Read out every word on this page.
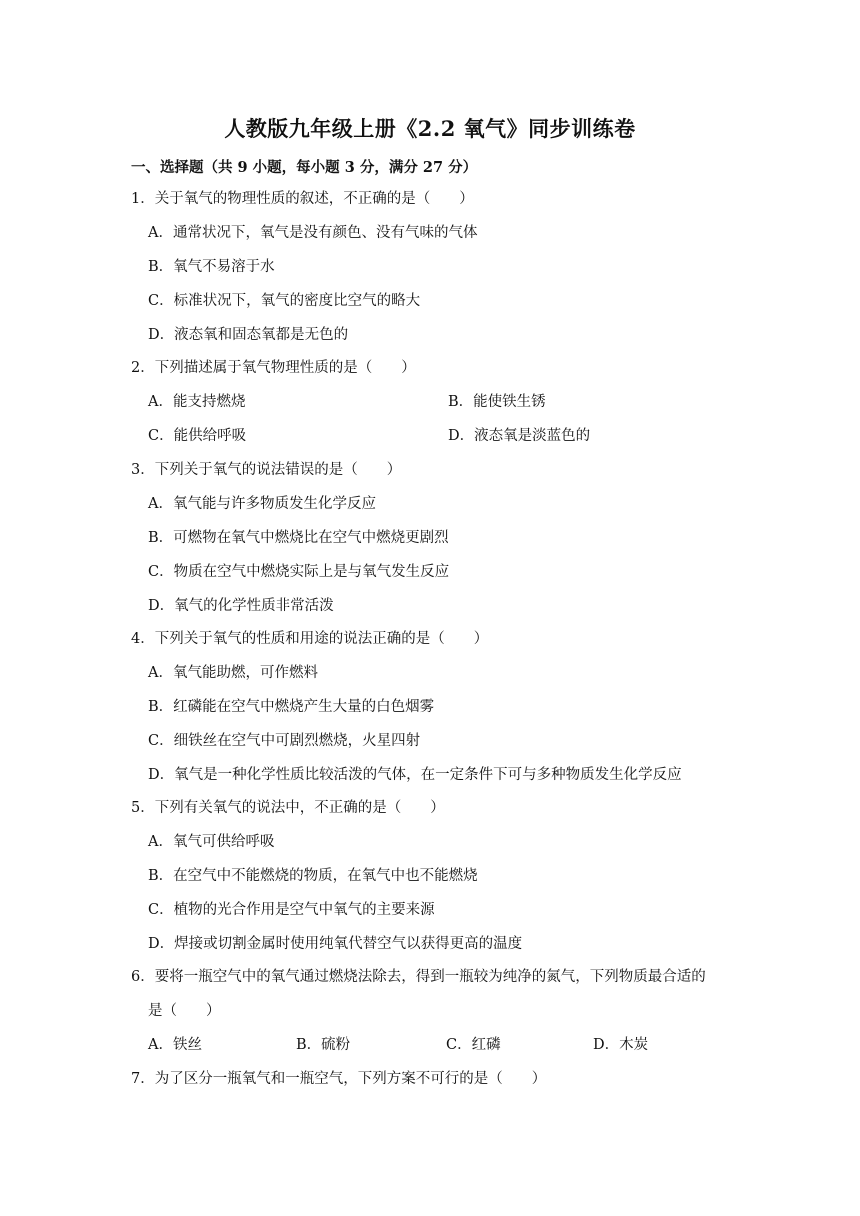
人教版九年级上册《2.2 氧气》同步训练卷
一、选择题（共 9 小题，每小题 3 分，满分 27 分）
1．关于氧气的物理性质的叙述，不正确的是（　　）
A．通常状况下，氧气是没有颜色、没有气味的气体
B．氧气不易溶于水
C．标准状况下，氧气的密度比空气的略大
D．液态氧和固态氧都是无色的
2．下列描述属于氧气物理性质的是（　　）
A．能支持燃烧	B．能使铁生锈
C．能供给呼吸	D．液态氧是淡蓝色的
3．下列关于氧气的说法错误的是（　　）
A．氧气能与许多物质发生化学反应
B．可燃物在氧气中燃烧比在空气中燃烧更剧烈
C．物质在空气中燃烧实际上是与氧气发生反应
D．氧气的化学性质非常活泼
4．下列关于氧气的性质和用途的说法正确的是（　　）
A．氧气能助燃，可作燃料
B．红磷能在空气中燃烧产生大量的白色烟雾
C．细铁丝在空气中可剧烈燃烧，火星四射
D．氧气是一种化学性质比较活泼的气体，在一定条件下可与多种物质发生化学反应
5．下列有关氧气的说法中，不正确的是（　　）
A．氧气可供给呼吸
B．在空气中不能燃烧的物质，在氧气中也不能燃烧
C．植物的光合作用是空气中氧气的主要来源
D．焊接或切割金属时使用纯氧代替空气以获得更高的温度
6．要将一瓶空气中的氧气通过燃烧法除去，得到一瓶较为纯净的氮气，下列物质最合适的
是（　　）
A．铁丝	B．硫粉	C．红磷	D．木炭
7．为了区分一瓶氧气和一瓶空气，下列方案不可行的是（　　）
